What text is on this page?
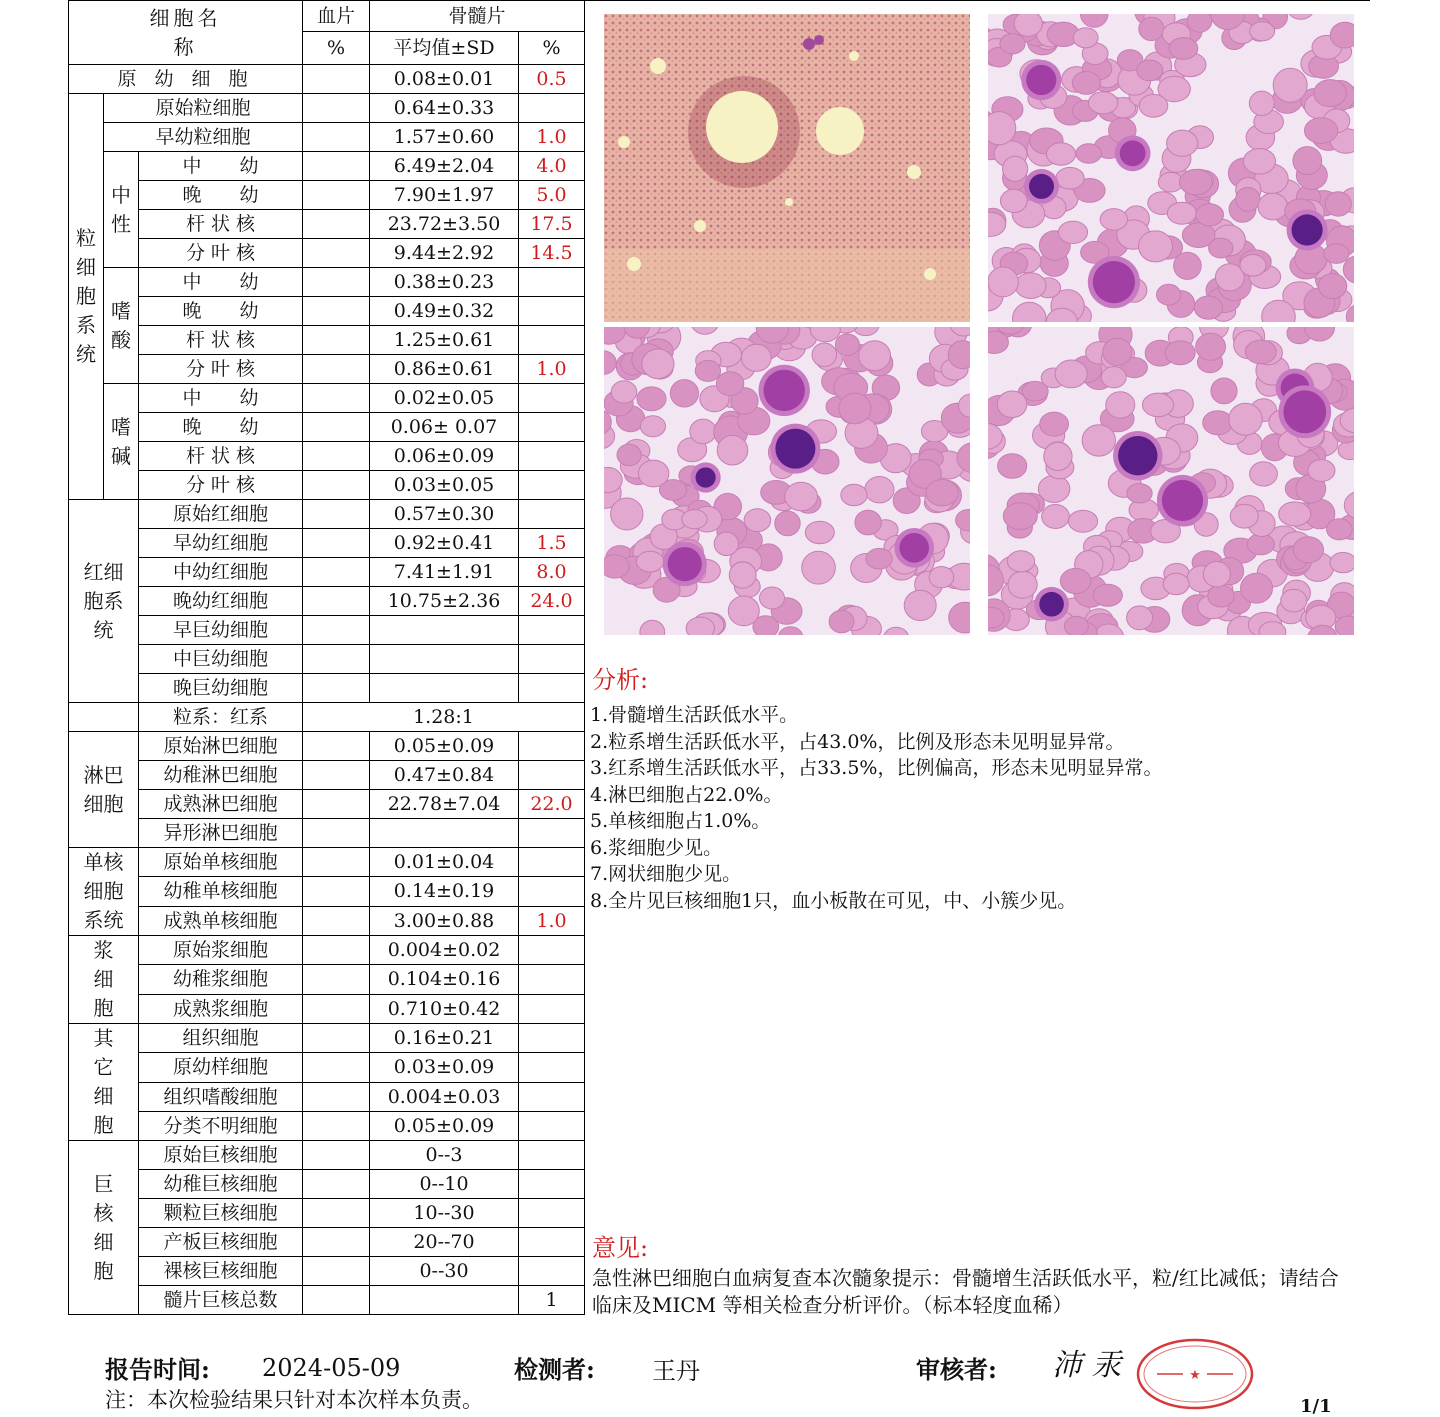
细胞名称			血片	骨髓片	
			%	平均值±SD	%
原 幼 细 胞				0.08±0.01	0.5
粒细胞系统	原始粒细胞			0.64±0.33	
	早幼粒细胞			1.57±0.60	1.0
	中性	中　　幼		6.49±2.04	4.0
		晚　　幼		7.90±1.97	5.0
		杆 状 核		23.72±3.50	17.5
		分 叶 核		9.44±2.92	14.5
	嗜酸	中　　幼		0.38±0.23	
		晚　　幼		0.49±0.32	
		杆 状 核		1.25±0.61	
		分 叶 核		0.86±0.61	1.0
	嗜碱	中　　幼		0.02±0.05	
		晚　　幼		0.06± 0.07	
		杆 状 核		0.06±0.09	
		分 叶 核		0.03±0.05	
红细胞系统		原始红细胞		0.57±0.30	
		早幼红细胞		0.92±0.41	1.5
		中幼红细胞		7.41±1.91	8.0
		晚幼红细胞		10.75±2.36	24.0
		早巨幼细胞			
		中巨幼细胞			
		晚巨幼细胞			
		粒系：红系	1.28:1		
淋巴细胞		原始淋巴细胞		0.05±0.09	
		幼稚淋巴细胞		0.47±0.84	
		成熟淋巴细胞		22.78±7.04	22.0
		异形淋巴细胞			
单核细胞系统		原始单核细胞		0.01±0.04	
		幼稚单核细胞		0.14±0.19	
		成熟单核细胞		3.00±0.88	1.0
浆细胞		原始浆细胞		0.004±0.02	
		幼稚浆细胞		0.104±0.16	
		成熟浆细胞		0.710±0.42	
其它细胞		组织细胞		0.16±0.21	
		原幼样细胞		0.03±0.09	
		组织嗜酸细胞		0.004±0.03	
		分类不明细胞		0.05±0.09	
巨核细胞		原始巨核细胞		0--3	
		幼稚巨核细胞		0--10	
		颗粒巨核细胞		10--30	
		产板巨核细胞		20--70	
		裸核巨核细胞		0--30	
		髓片巨核总数			1
分析:
1.骨髓增生活跃低水平。
2.粒系增生活跃低水平，占43.0%，比例及形态未见明显异常。
3.红系增生活跃低水平，占33.5%，比例偏高，形态未见明显异常。
4.淋巴细胞占22.0%。
5.单核细胞占1.0%。
6.浆细胞少见。
7.网状细胞少见。
8.全片见巨核细胞1只，血小板散在可见，中、小簇少见。
意见:
急性淋巴细胞白血病复查本次髓象提示：骨髓增生活跃低水平，粒/红比减低；请结合临床及MICM 等相关检查分析评价。（标本轻度血稀）
报告时间: 2024-05-09	检测者: 王丹	审核者: 沛 汞	★
注：本次检验结果只针对本次样本负责。	1/1
